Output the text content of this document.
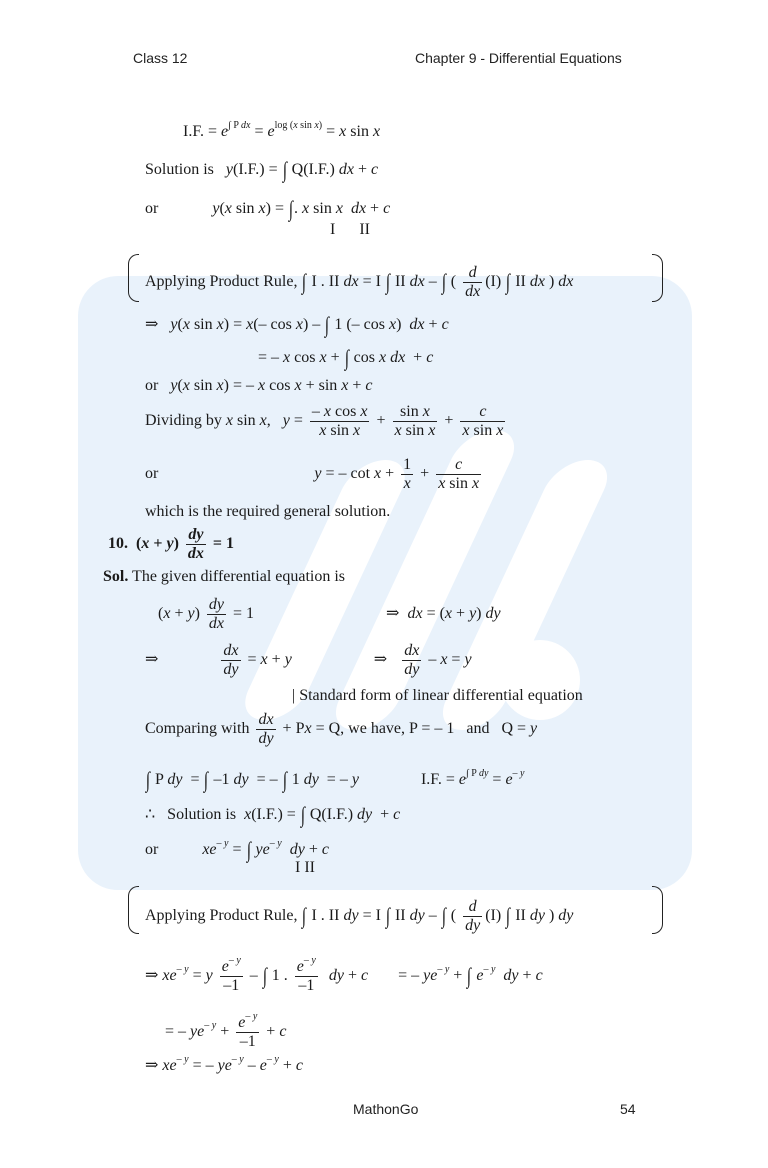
Class 12	Chapter 9 - Differential Equations
I.F. = $e^{\int P dx} = e^{log (x sin x)} = x$ sin x
Solution is   y(I.F.) = ∫ Q(I.F.) dx + c
or	y(x sin x) = ∫. x sin x dx + c
I      II
Applying Product Rule, ∫ I . II dx = I ∫ II dx – ∫ ( $\frac{d}{dx} (I)$ ∫ II dx ) dx
⇒   y(x sin x) = x(– cos x) – ∫ 1 (– cos x)  dx + c
= – x cos x + ∫ cos x dx  + c
or   y(x sin x) = – x cos x + sin x + c
Dividing by x sin x,   $y = \frac{\text{– x cos x}}{\text{x sin x}} + \frac{\text{sin x}}{\text{x sin x}} + \frac{c}{\text{x sin x}}$
or	y = – $\cot x + \frac{1}{x} + \frac{c}{\text{x sin x}}$
which is the required general solution.
10.  $(x + y) \frac{dy}{dx} = 1$
Sol. The given differential equation is
$(x + y) \frac{dy}{dx} = 1$	⇒  dx = (x + y) dy
⇒	$\frac{dx}{dy} = x + y$	⇒ $\frac{dx}{dy} - x = y$
| Standard form of linear differential equation
Comparing with $\frac{dx}{dy} + Px = Q$, we have, P = – 1   and   Q = y
∫ P dy  = ∫ –1 dy  = – ∫ 1 dy  = – y	I.F. = $e^{\int P dy} = e^{- y}$
∴   Solution is  x(I.F.) = ∫ Q(I.F.) dy  + c
or	$xe^{- y}$ = ∫ $ye^{- y}$ dy + c
I II
Applying Product Rule, ∫ I . II dy = I ∫ II dy – ∫ ( $\frac{d}{dy} (I)$ ∫ II dy ) dy
⇒ $xe^{- y} = y \frac{e^{- y}}{-1}$ – ∫ 1 . $\frac{e^{- y}}{-1}$ dy + c = – $ye^{- y}$ + ∫ $e^{- y}$ dy + c
= – $ye^{- y} + \frac{e^{- y}}{-1} + c$
⇒ $xe^{- y}$ = – $ye^{- y} - e^{- y} + c$
MathonGo	54
